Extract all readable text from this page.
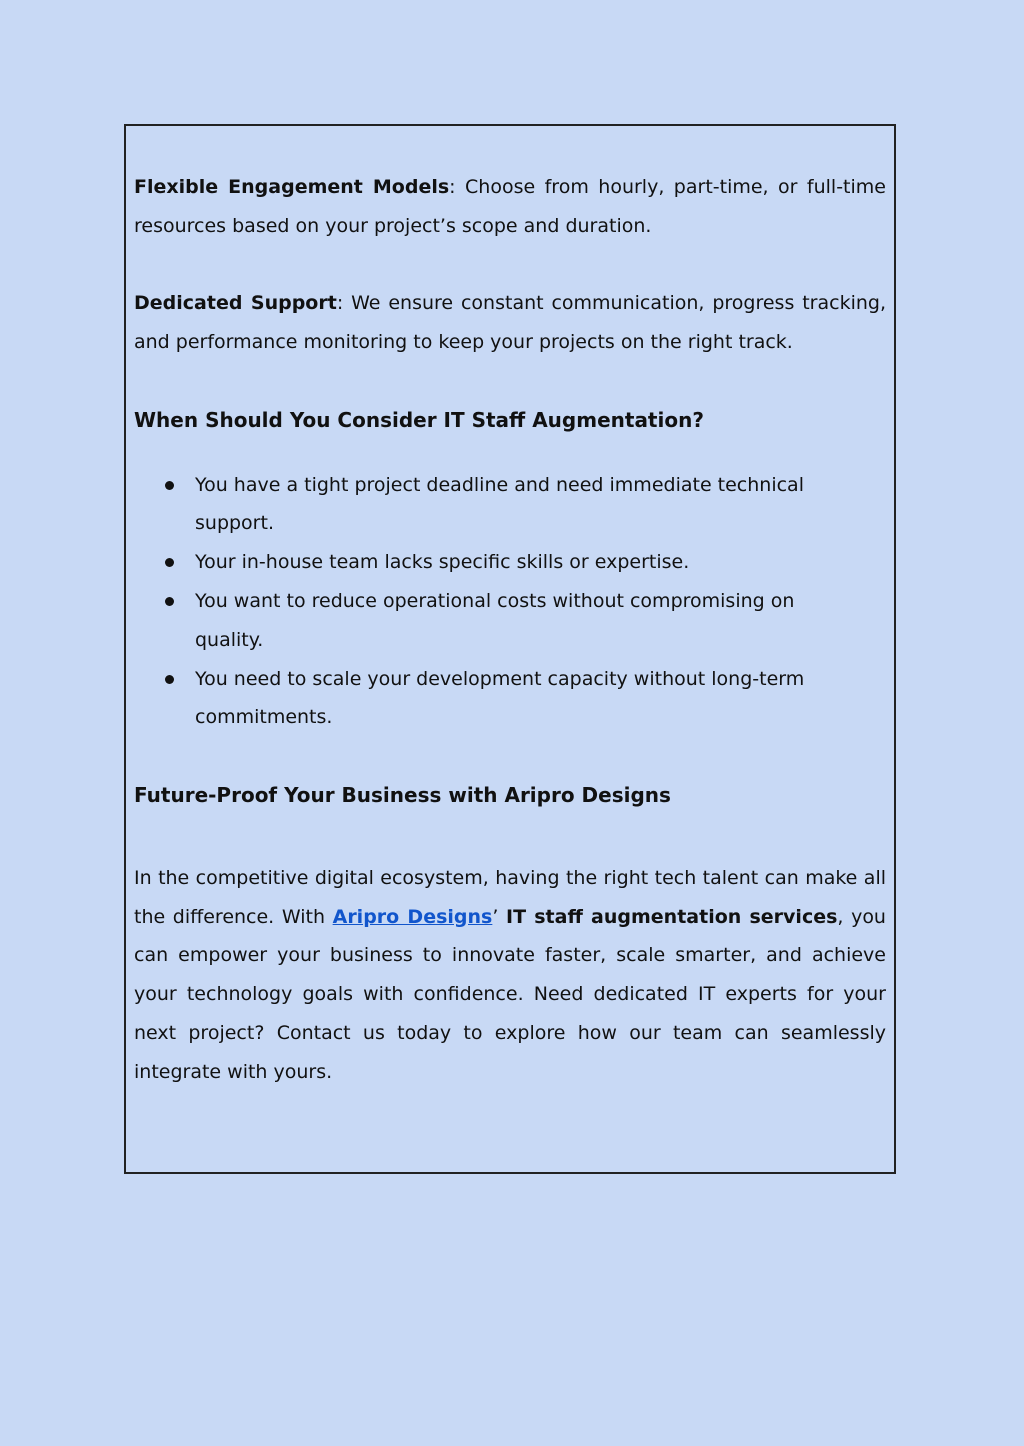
Flexible Engagement Models: Choose from hourly, part-time, or full-time resources based on your project’s scope and duration.

Dedicated Support: We ensure constant communication, progress tracking, and performance monitoring to keep your projects on the right track.

When Should You Consider IT Staff Augmentation?
You have a tight project deadline and need immediate technical support.
Your in-house team lacks specific skills or expertise.
You want to reduce operational costs without compromising on quality.
You need to scale your development capacity without long-term commitments.
Future-Proof Your Business with Aripro Designs

In the competitive digital ecosystem, having the right tech talent can make all the difference. With Aripro Designs’ IT staff augmentation services, you can empower your business to innovate faster, scale smarter, and achieve your technology goals with confidence. Need dedicated IT experts for your next project? Contact us today to explore how our team can seamlessly integrate with yours.
